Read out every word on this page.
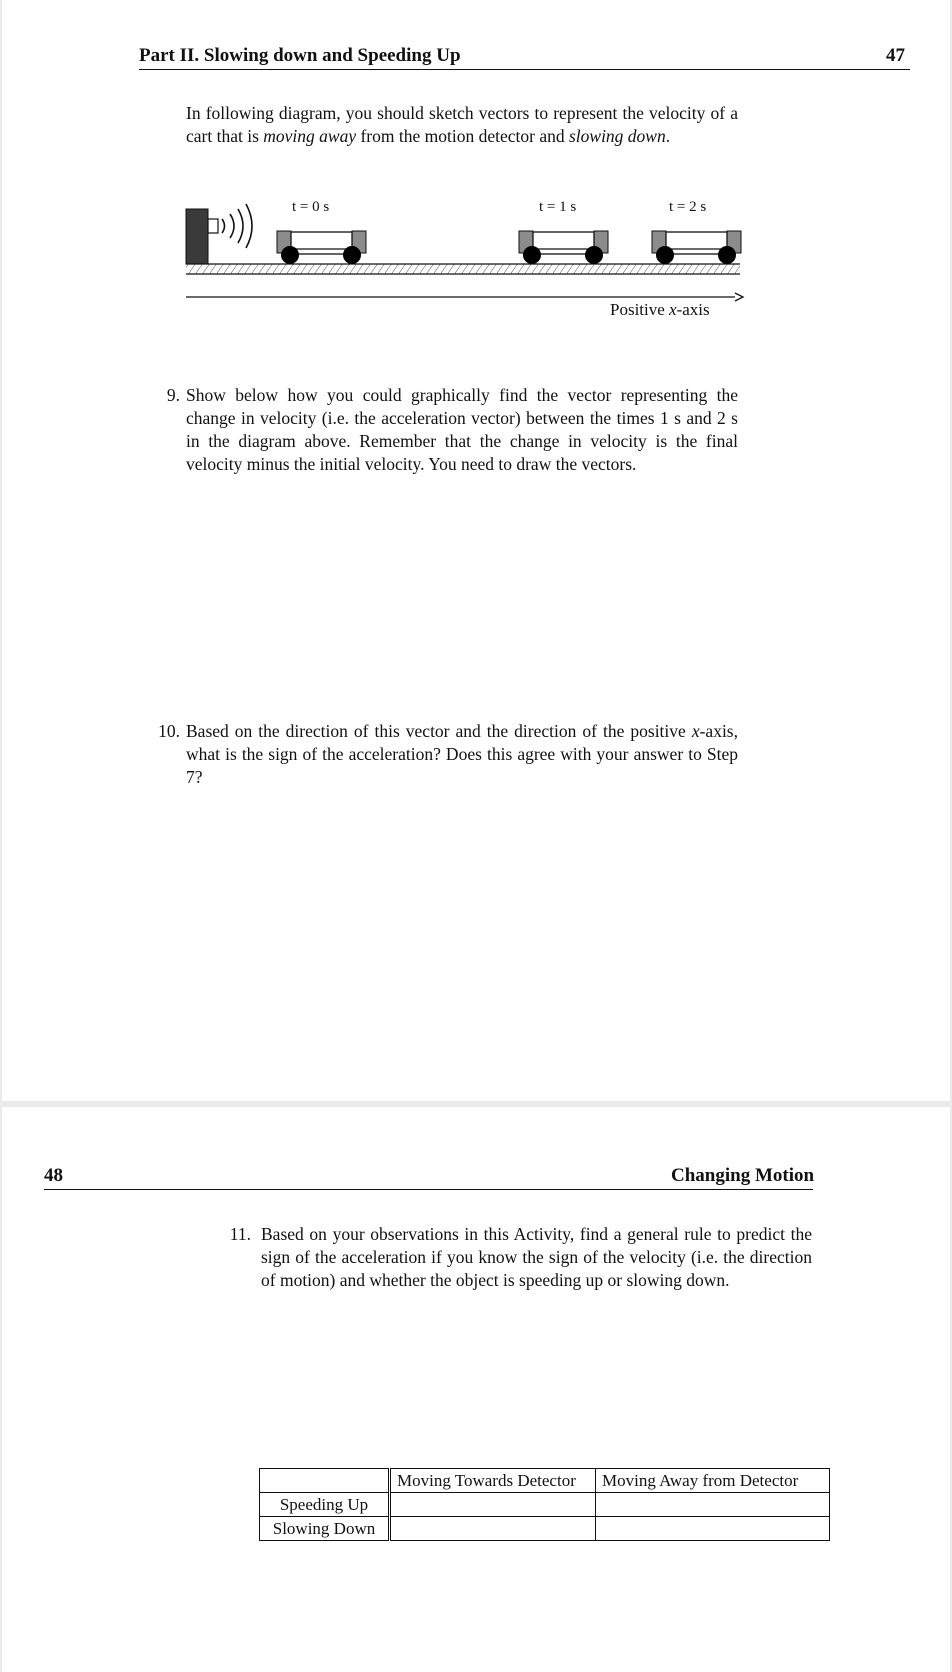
Part II. Slowing down and Speeding Up	47
In following diagram, you should sketch vectors to represent the velocity of a cart that is moving away from the motion detector and slowing down.
t = 0 s	t = 1 s	t = 2 s
Positive x-axis
9. Show below how you could graphically find the vector representing the change in velocity (i.e. the acceleration vector) between the times 1 s and 2 s in the diagram above. Remember that the change in velocity is the final velocity minus the initial velocity. You need to draw the vectors.
10. Based on the direction of this vector and the direction of the positive x-axis, what is the sign of the acceleration? Does this agree with your answer to Step 7?
48	Changing Motion
11. Based on your observations in this Activity, find a general rule to predict the sign of the acceleration if you know the sign of the velocity (i.e. the direction of motion) and whether the object is speeding up or slowing down.
	Moving Towards Detector	Moving Away from Detector
Speeding Up		
Slowing Down		
